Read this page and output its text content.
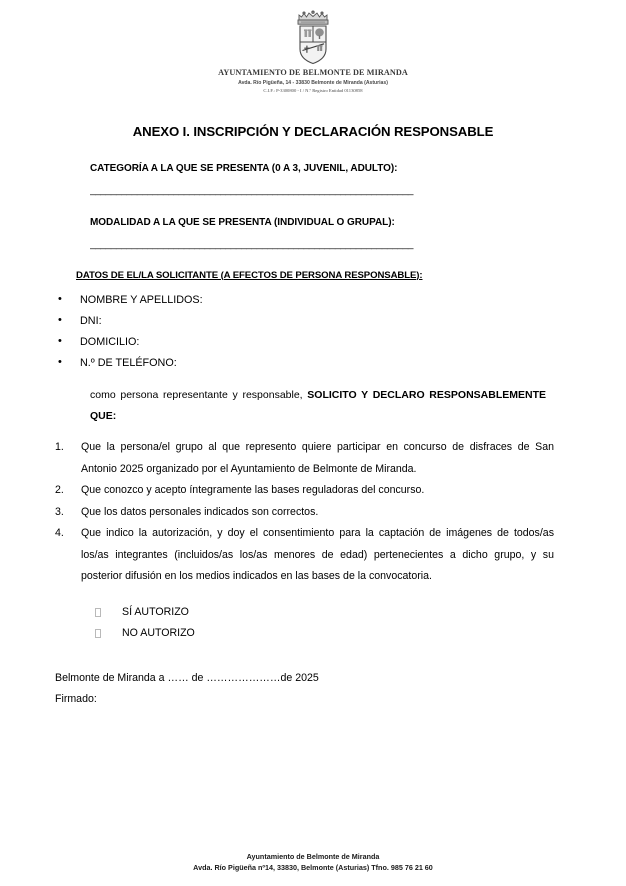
AYUNTAMIENTO DE BELMONTE DE MIRANDA
Avda. Río Pigüeña, 14 - 33830 Belmonte de Miranda (Asturias)
C.I.F.: P-3300800 - I / N.º Registro Entidad 01130858
ANEXO I. INSCRIPCIÓN Y DECLARACIÓN RESPONSABLE
CATEGORÍA A LA QUE SE PRESENTA (0 A 3, JUVENIL, ADULTO):
______________________________________________________________
MODALIDAD A LA QUE SE PRESENTA (INDIVIDUAL O GRUPAL):
______________________________________________________________
DATOS DE EL/LA SOLICITANTE (A EFECTOS DE PERSONA RESPONSABLE):
• NOMBRE Y APELLIDOS:
• DNI:
• DOMICILIO:
• N.º DE TELÉFONO:

como persona representante y responsable, SOLICITO Y DECLARO RESPONSABLEMENTE QUE:

Que la persona/el grupo al que represento quiere participar en concurso de disfraces de San Antonio 2025 organizado por el Ayuntamiento de Belmonte de Miranda.
Que conozco y acepto íntegramente las bases reguladoras del concurso.
Que los datos personales indicados son correctos.
Que indico la autorización, y doy el consentimiento para la captación de imágenes de todos/as los/as integrantes (incluidos/as los/as menores de edad) pertenecientes a dicho grupo, y su posterior difusión en los medios indicados en las bases de la convocatoria.
SÍ AUTORIZO
NO AUTORIZO
Belmonte de Miranda a …… de …………………de 2025
Firmado:
Ayuntamiento de Belmonte de Miranda
Avda. Río Pigüeña nº14, 33830, Belmonte (Asturias) Tfno. 985 76 21 60
